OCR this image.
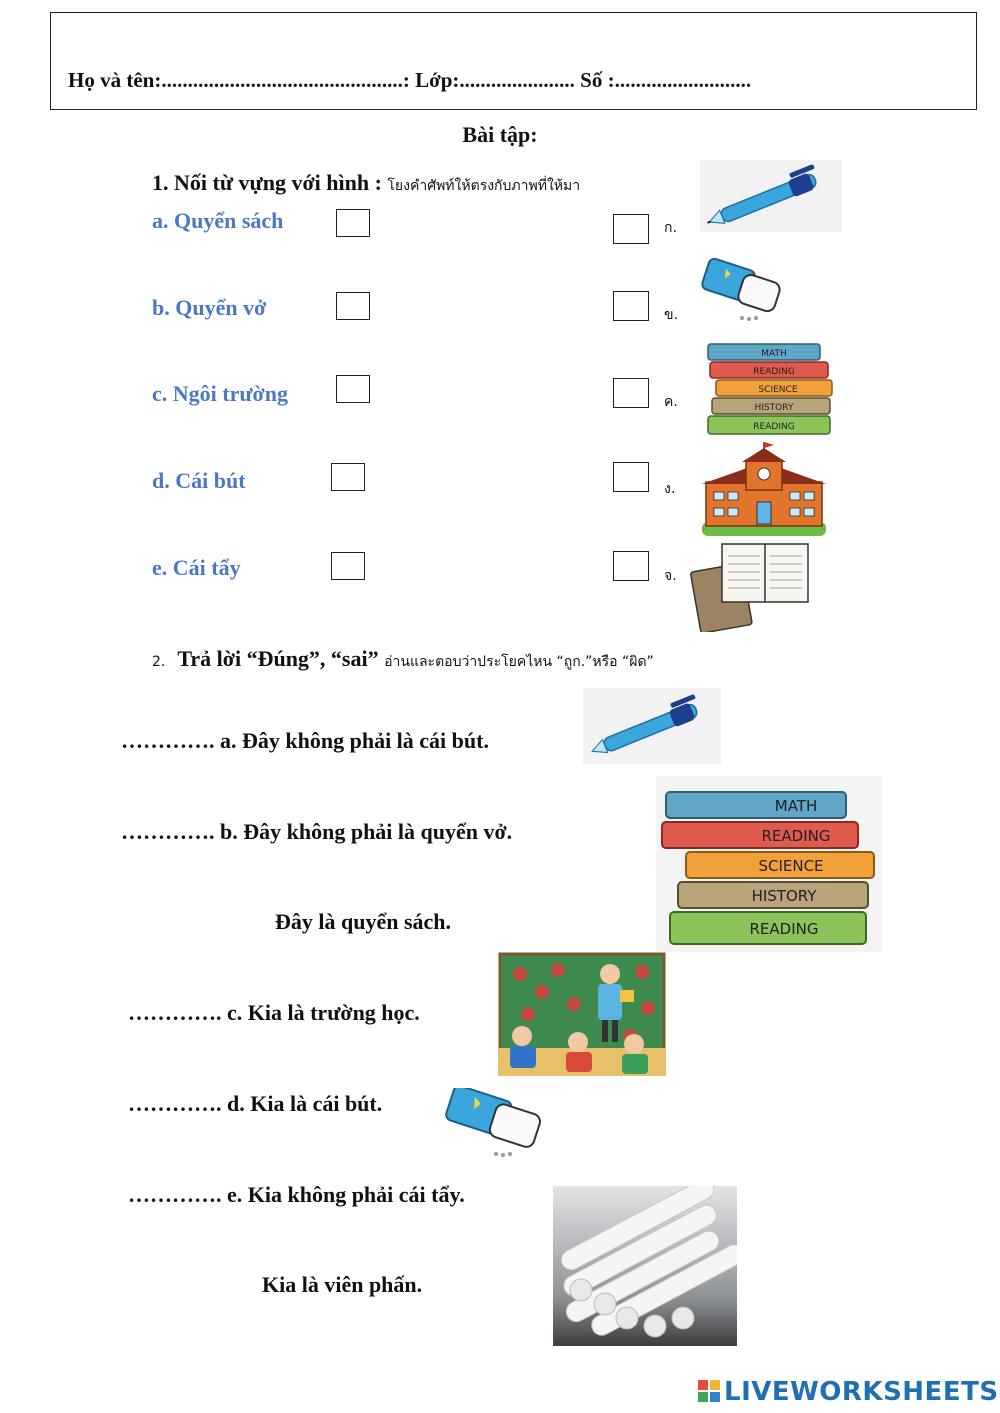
Họ và tên:..............................................: Lớp:...................... Số :..........................
Bài tập:
1. Nối từ vựng với hình : โยงคำศัพท์ให้ตรงกับภาพที่ให้มา
a. Quyển sách
b. Quyển vở
c. Ngôi trường
d. Cái bút
e. Cái tẩy
ก.
ข.
ค.
ง.
จ.
MATH
READING
SCIENCE
HISTORY
READING
2. Trả lời “Đúng”, “sai” อ่านและตอบว่าประโยคไหน “ถูก.”หรือ “ผิด”
…………. a. Đây không phải là cái bút.
…………. b. Đây không phải là quyển vở.
Đây là quyển sách.
…………. c. Kia là trường học.
…………. d. Kia là cái bút.
…………. e. Kia không phải cái tẩy.
Kia là viên phấn.
MATH
READING
SCIENCE
HISTORY
READING
LIVEWORKSHEETS
